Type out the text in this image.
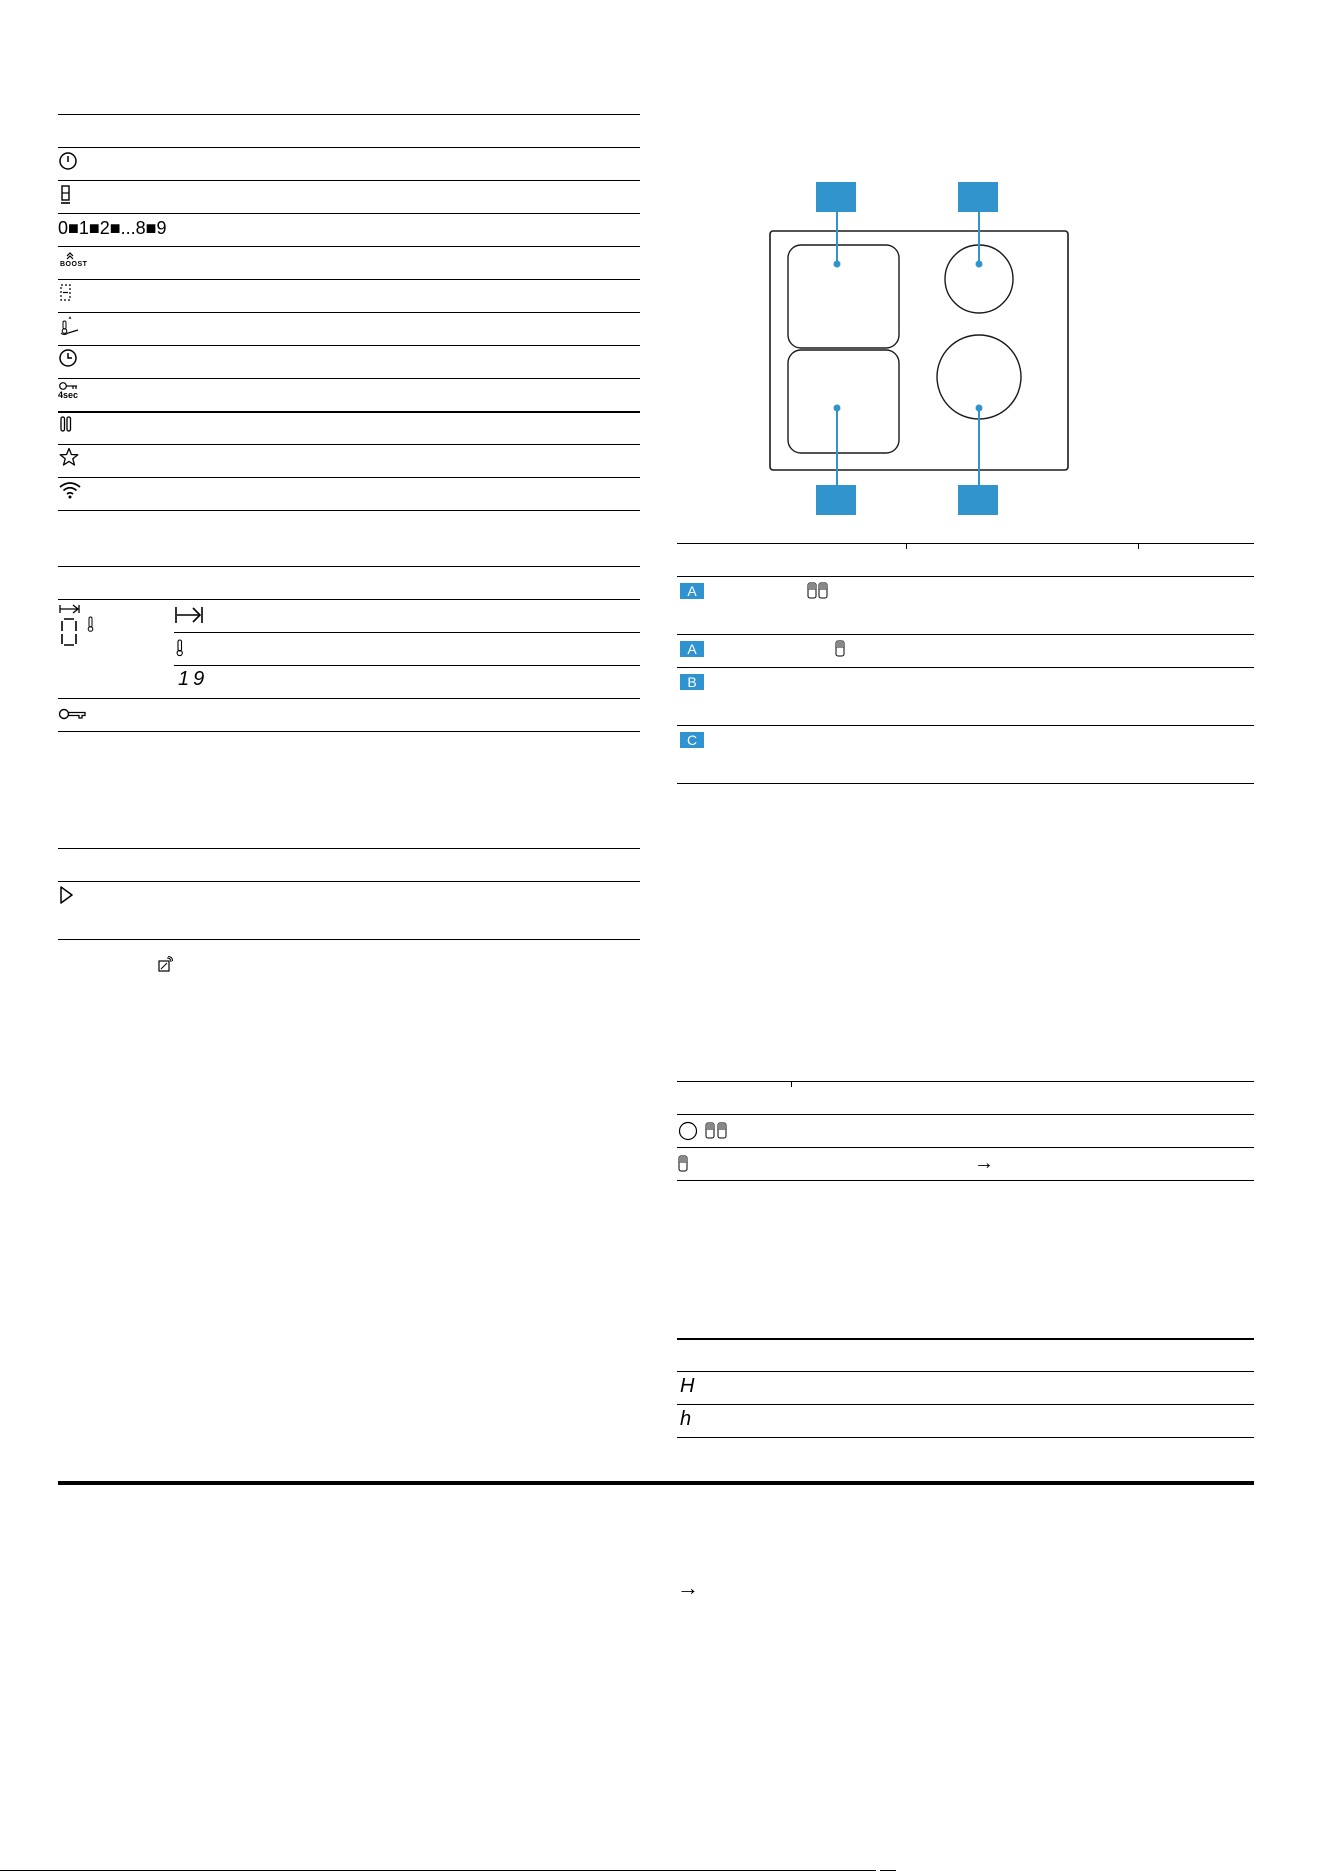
0■1■2■...8■9
BOOST
4sec
19
A
A
B
C
→
H
h
→
